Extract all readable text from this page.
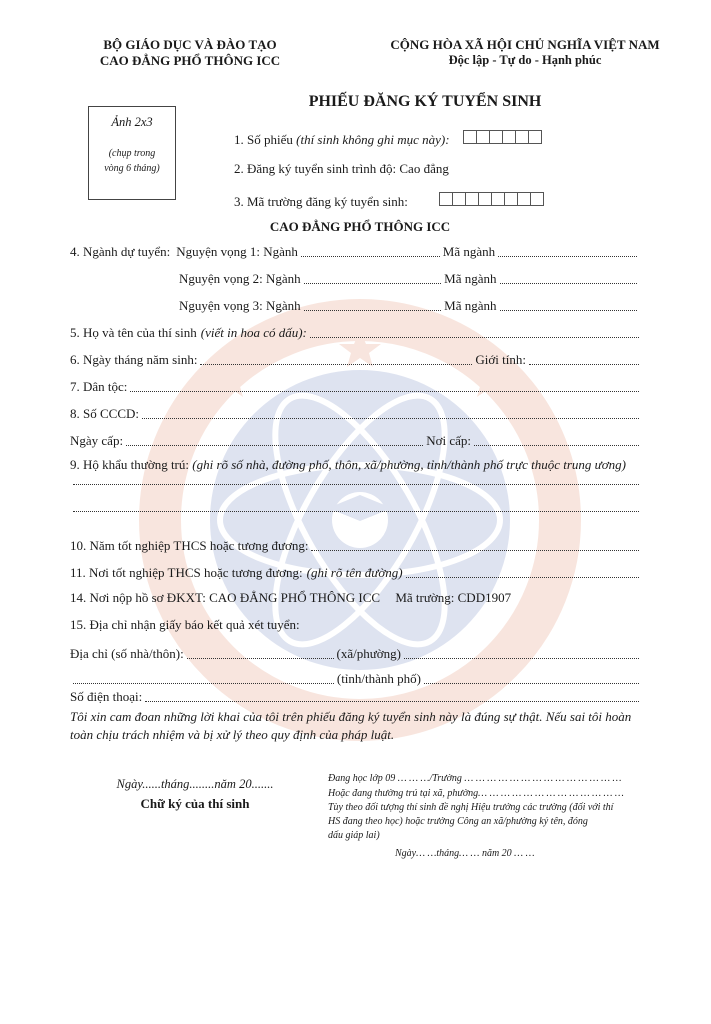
BỘ GIÁO DỤC VÀ ĐÀO TẠO
CAO ĐẲNG PHỔ THÔNG ICC
CỘNG HÒA XÃ HỘI CHỦ NGHĨA VIỆT NAM
Độc lập - Tự do - Hạnh phúc
Ảnh 2x3
(chụp trong
vòng 6 tháng)
PHIẾU ĐĂNG KÝ TUYỂN SINH
1. Số phiếu (thí sinh không ghi mục này):
2. Đăng ký tuyển sinh trình độ: Cao đẳng
3. Mã trường đăng ký tuyển sinh:
CAO ĐẲNG PHỔ THÔNG ICC
4. Ngành dự tuyển: Nguyện vọng 1: Ngành	Mã ngành
Nguyện vọng 2: Ngành	Mã ngành
Nguyện vọng 3: Ngành	Mã ngành
5. Họ và tên của thí sinh (viết in hoa có dấu):
6. Ngày tháng năm sinh:	Giới tính:
7. Dân tộc:
8. Số CCCD:
Ngày cấp:	Nơi cấp:
9. Hộ khẩu thường trú: (ghi rõ số nhà, đường phố, thôn, xã/phường, tỉnh/thành phố trực thuộc trung ương)
10. Năm tốt nghiệp THCS hoặc tương đương:
11. Nơi tốt nghiệp THCS hoặc tương đương: (ghi rõ tên đường)
14. Nơi nộp hồ sơ ĐKXT: CAO ĐẲNG PHỔ THÔNG ICC Mã trường: CDD1907
15. Địa chỉ nhận giấy báo kết quả xét tuyển:
Địa chỉ (số nhà/thôn):	(xã/phường)
(tỉnh/thành phố)
Số điện thoại:
Tôi xin cam đoan những lời khai của tôi trên phiếu đăng ký tuyển sinh này là đúng sự thật. Nếu sai tôi hoàn
toàn chịu trách nhiệm và bị xử lý theo quy định của pháp luật.
Ngày......tháng........năm 20.......
Chữ ký của thí sinh
Đang học lớp 09 … … …/Trường … … … … … … … … … … … … … …
Hoặc đang thường trú tại xã, phường… … … … … … … … … … … … …
Tùy theo đối tượng thí sinh đề nghị Hiệu trưởng các trường (đối với thí
HS đang theo học) hoặc trưởng Công an xã/phường ký tên, đóng
dấu giáp lai)
Ngày… …tháng… … năm 20 … …
